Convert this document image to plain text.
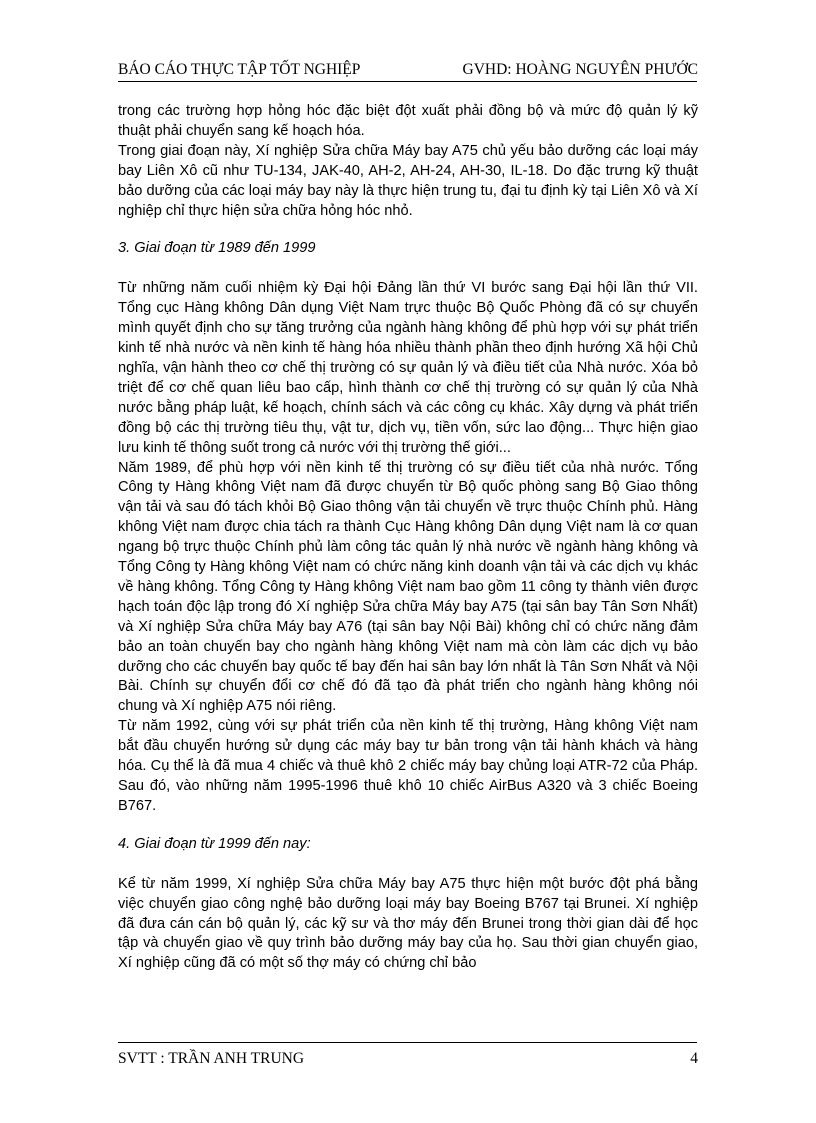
BÁO CÁO THỰC TẬP TỐT NGHIỆP	GVHD: HOÀNG NGUYÊN PHƯỚC

trong các trường hợp hỏng hóc đặc biệt đột xuất phải đồng bộ và mức độ quản lý kỹ thuật phải chuyển sang kế hoạch hóa.

Trong giai đoạn này, Xí nghiệp Sửa chữa Máy bay A75 chủ yếu bảo dưỡng các loại máy bay Liên Xô cũ như TU-134, JAK-40, AH-2, AH-24, AH-30, IL-18. Do đặc trưng kỹ thuật bảo dưỡng của các loại máy bay này là thực hiện trung tu, đại tu định kỳ tại Liên Xô và Xí nghiệp chỉ thực hiện sửa chữa hỏng hóc nhỏ.

3. Giai đoạn từ 1989 đến 1999

Từ những năm cuối nhiệm kỳ Đại hội Đảng lần thứ VI bước sang Đại hội lần thứ VII. Tổng cục Hàng không Dân dụng Việt Nam trực thuộc Bộ Quốc Phòng đã có sự chuyển mình quyết định cho sự tăng trưởng của ngành hàng không để phù hợp với sự phát triển kinh tế nhà nước và nền kinh tế hàng hóa nhiều thành phần theo định hướng Xã hội Chủ nghĩa, vận hành theo cơ chế thị trường có sự quản lý và điều tiết của Nhà nước. Xóa bỏ triệt để cơ chế quan liêu bao cấp, hình thành cơ chế thị trường có sự quản lý của Nhà nước bằng pháp luật, kế hoạch, chính sách và các công cụ khác. Xây dựng và phát triển đồng bộ các thị trường tiêu thụ, vật tư, dịch vụ, tiền vốn, sức lao động... Thực hiện giao lưu kinh tế thông suốt trong cả nước với thị trường thế giới...

Năm 1989, để phù hợp với nền kinh tế thị trường có sự điều tiết của nhà nước. Tổng Công ty Hàng không Việt nam đã được chuyển từ Bộ quốc phòng sang Bộ Giao thông vận tải và sau đó tách khỏi Bộ Giao thông vận tải chuyển về trực thuộc Chính phủ. Hàng không Việt nam được chia tách ra thành Cục Hàng không Dân dụng Việt nam là cơ quan ngang bộ trực thuộc Chính phủ làm công tác quản lý nhà nước về ngành hàng không và Tổng Công ty Hàng không Việt nam có chức năng kinh doanh vận tải và các dịch vụ khác về hàng không. Tổng Công ty Hàng không Việt nam bao gồm 11 công ty thành viên được hạch toán độc lập trong đó Xí nghiệp Sửa chữa Máy bay A75 (tại sân bay Tân Sơn Nhất) và Xí nghiệp Sửa chữa Máy bay A76 (tại sân bay Nội Bài) không chỉ có chức năng đảm bảo an toàn chuyến bay cho ngành hàng không Việt nam mà còn làm các dịch vụ bảo dưỡng cho các chuyến bay quốc tế bay đến hai sân bay lớn nhất là Tân Sơn Nhất và Nội Bài. Chính sự chuyển đổi cơ chế đó đã tạo đà phát triển cho ngành hàng không nói chung và Xí nghiệp A75 nói riêng.

Từ năm 1992, cùng với sự phát triển của nền kinh tế thị trường, Hàng không Việt nam bắt đầu chuyển hướng sử dụng các máy bay tư bản trong vận tải hành khách và hàng hóa. Cụ thể là đã mua 4 chiếc và thuê khô 2 chiếc máy bay chủng loại ATR-72 của Pháp. Sau đó, vào những năm 1995-1996 thuê khô 10 chiếc AirBus A320 và 3 chiếc Boeing B767.

4. Giai đoạn từ 1999 đến nay:

Kể từ năm 1999, Xí nghiệp Sửa chữa Máy bay A75 thực hiện một bước đột phá bằng việc chuyển giao công nghệ bảo dưỡng loại máy bay Boeing B767 tại Brunei. Xí nghiệp đã đưa cán cán bộ quản lý, các kỹ sư và thơ máy đến Brunei trong thời gian dài để học tập và chuyển giao về quy trình bảo dưỡng máy bay của họ. Sau thời gian chuyển giao, Xí nghiệp cũng đã có một số thợ máy có chứng chỉ bảo

SVTT : TRẦN ANH TRUNG	4
